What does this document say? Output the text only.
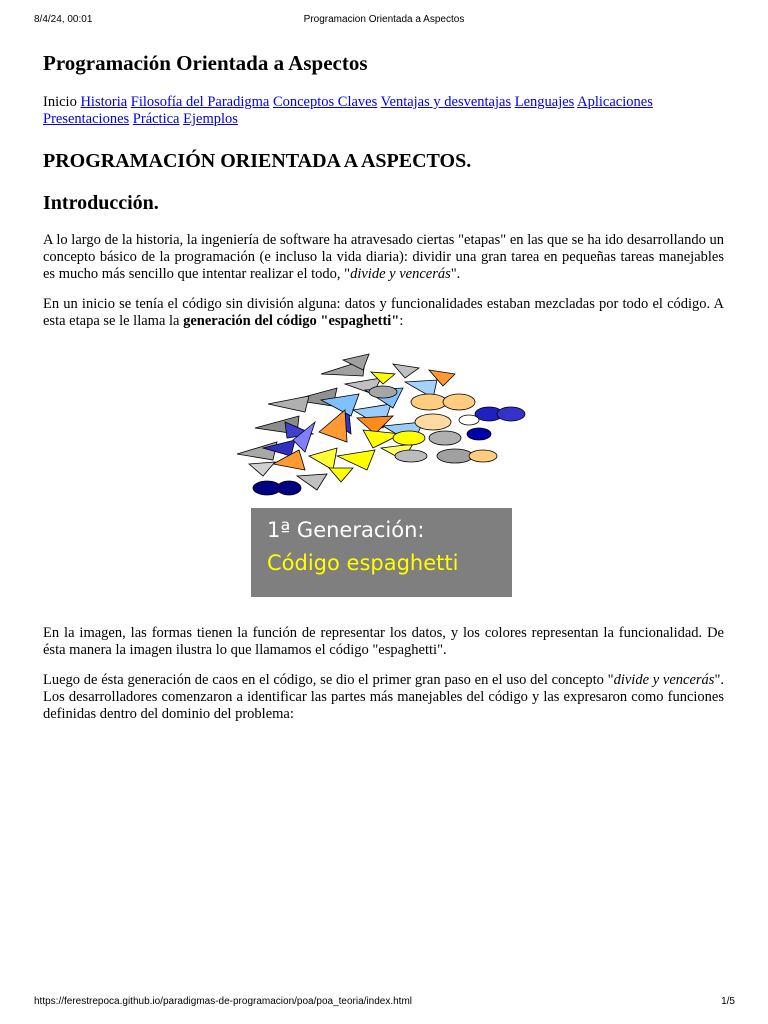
8/4/24, 00:01	Programacion Orientada a Aspectos
Programación Orientada a Aspectos
Inicio Historia Filosofía del Paradigma Conceptos Claves Ventajas y desventajas Lenguajes Aplicaciones Presentaciones Práctica Ejemplos
PROGRAMACIÓN ORIENTADA A ASPECTOS.
Introducción.

A lo largo de la historia, la ingeniería de software ha atravesado ciertas "etapas" en las que se ha ido desarrollando un concepto básico de la programación (e incluso la vida diaria): dividir una gran tarea en pequeñas tareas manejables es mucho más sencillo que intentar realizar el todo, "divide y vencerás".

En un inicio se tenía el código sin división alguna: datos y funcionalidades estaban mezcladas por todo el código. A esta etapa se le llama la generación del código "espaghetti":

1ª Generación:
Código espaghetti

En la imagen, las formas tienen la función de representar los datos, y los colores representan la funcionalidad. De ésta manera la imagen ilustra lo que llamamos el código "espaghetti".

Luego de ésta generación de caos en el código, se dio el primer gran paso en el uso del concepto "divide y vencerás". Los desarrolladores comenzaron a identificar las partes más manejables del código y las expresaron como funciones definidas dentro del dominio del problema:

https://ferestrepoca.github.io/paradigmas-de-programacion/poa/poa_teoria/index.html	1/5
